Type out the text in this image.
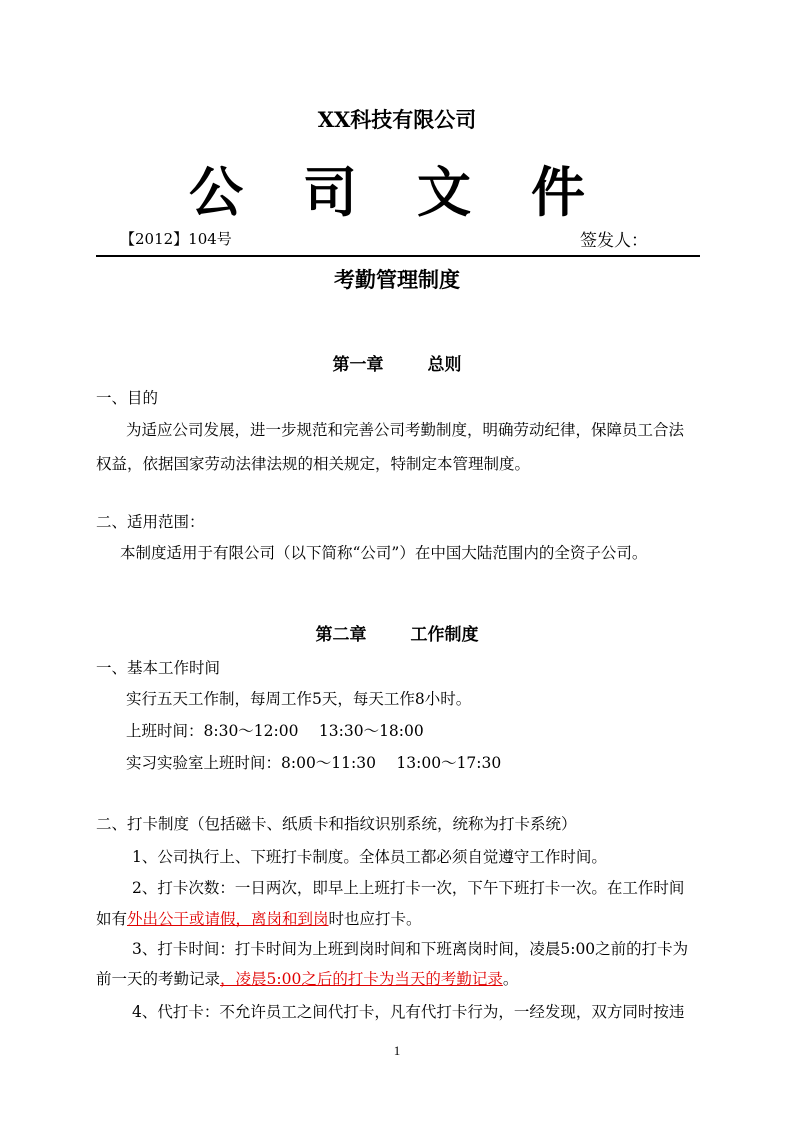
XX科技有限公司
公司文件
【2012】104号	签发人：
考勤管理制度
第一章	总则
一、目的
为适应公司发展，进一步规范和完善公司考勤制度，明确劳动纪律，保障员工合法
权益，依据国家劳动法律法规的相关规定，特制定本管理制度。
二、适用范围：
本制度适用于有限公司（以下简称“公司”）在中国大陆范围内的全资子公司。
第二章	工作制度
一、基本工作时间
实行五天工作制，每周工作5天，每天工作8小时。
上班时间：8:30～12:00　 13:30～18:00
实习实验室上班时间：8:00～11:30　 13:00～17:30
二、打卡制度（包括磁卡、纸质卡和指纹识别系统，统称为打卡系统）
1、公司执行上、下班打卡制度。全体员工都必须自觉遵守工作时间。
2、打卡次数：一日两次，即早上上班打卡一次，下午下班打卡一次。在工作时间
如有外出公干或请假，离岗和到岗时也应打卡。
3、打卡时间：打卡时间为上班到岗时间和下班离岗时间，凌晨5:00之前的打卡为
前一天的考勤记录，凌晨5:00之后的打卡为当天的考勤记录。
4、代打卡：不允许员工之间代打卡，凡有代打卡行为，一经发现，双方同时按违
1
